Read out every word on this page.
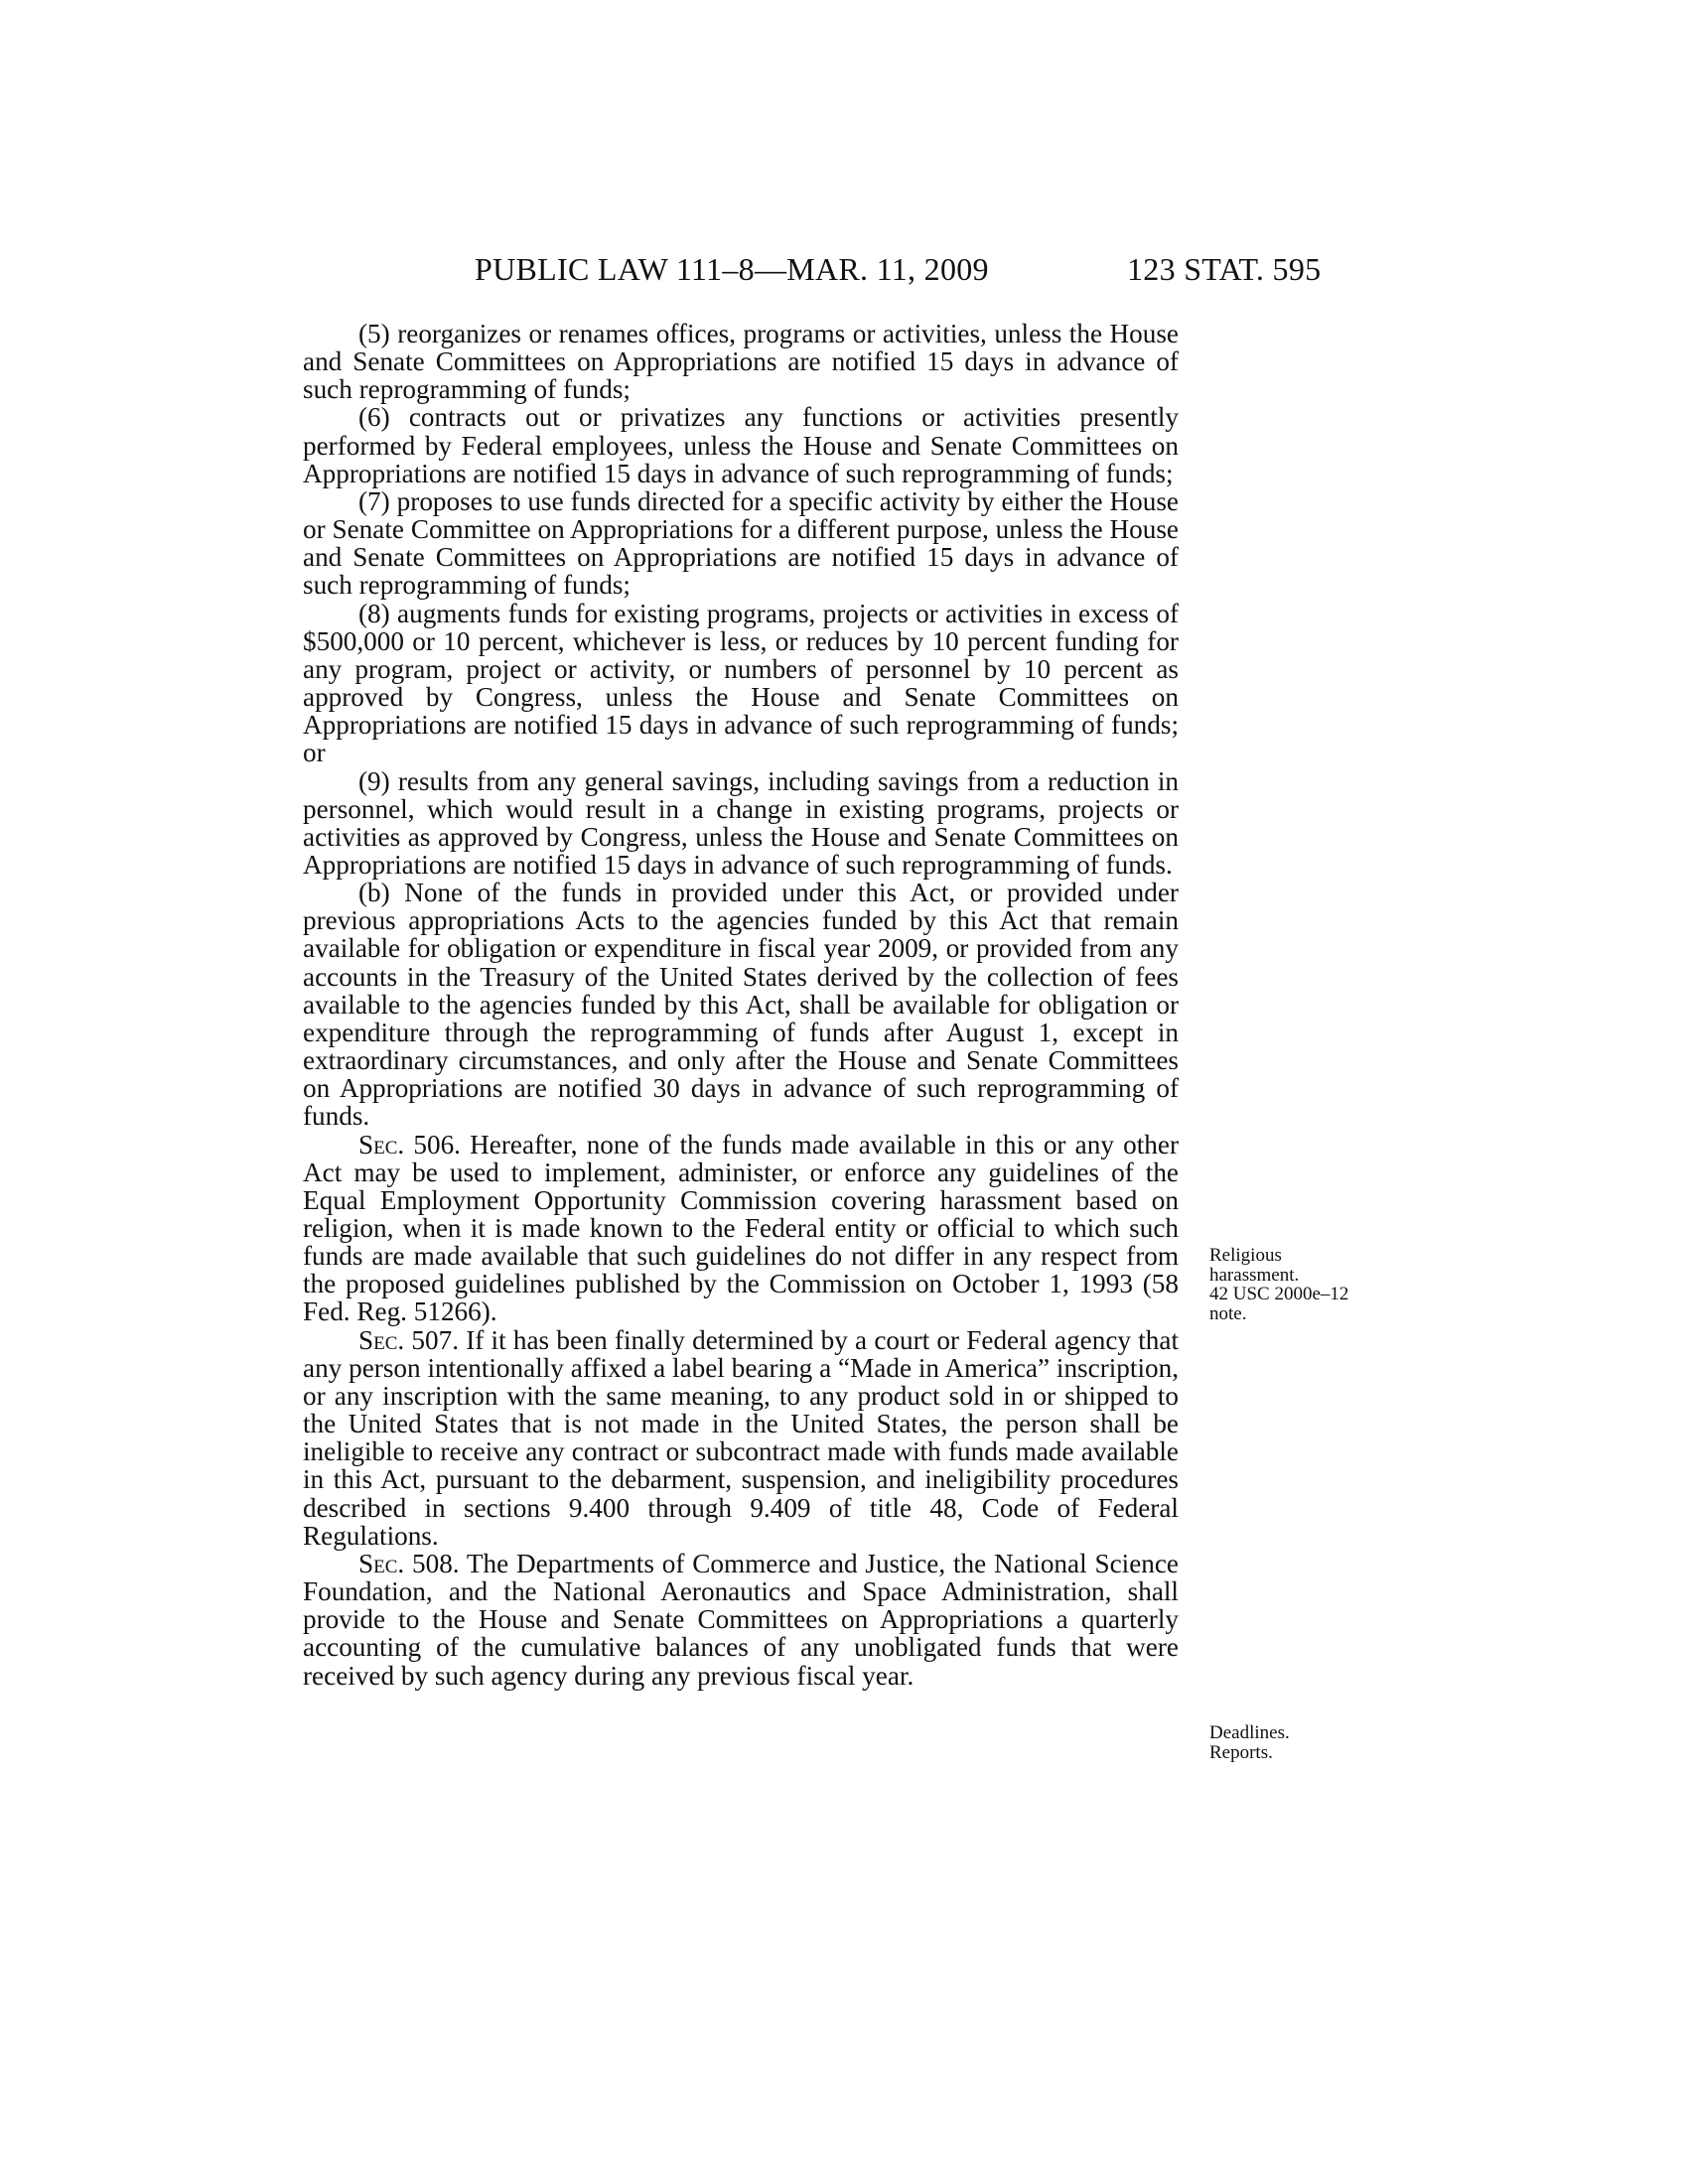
PUBLIC LAW 111–8—MAR. 11, 2009	123 STAT. 595

(5) reorganizes or renames offices, programs or activities, unless the House and Senate Committees on Appropriations are notified 15 days in advance of such reprogramming of funds;

(6) contracts out or privatizes any functions or activities presently performed by Federal employees, unless the House and Senate Committees on Appropriations are notified 15 days in advance of such reprogramming of funds;

(7) proposes to use funds directed for a specific activity by either the House or Senate Committee on Appropriations for a different purpose, unless the House and Senate Committees on Appropriations are notified 15 days in advance of such reprogramming of funds;

(8) augments funds for existing programs, projects or activities in excess of $500,000 or 10 percent, whichever is less, or reduces by 10 percent funding for any program, project or activity, or numbers of personnel by 10 percent as approved by Congress, unless the House and Senate Committees on Appropriations are notified 15 days in advance of such reprogramming of funds; or

(9) results from any general savings, including savings from a reduction in personnel, which would result in a change in existing programs, projects or activities as approved by Congress, unless the House and Senate Committees on Appropriations are notified 15 days in advance of such reprogramming of funds.

(b) None of the funds in provided under this Act, or provided under previous appropriations Acts to the agencies funded by this Act that remain available for obligation or expenditure in fiscal year 2009, or provided from any accounts in the Treasury of the United States derived by the collection of fees available to the agencies funded by this Act, shall be available for obligation or expenditure through the reprogramming of funds after August 1, except in extraordinary circumstances, and only after the House and Senate Committees on Appropriations are notified 30 days in advance of such reprogramming of funds.

Sec. 506. Hereafter, none of the funds made available in this or any other Act may be used to implement, administer, or enforce any guidelines of the Equal Employment Opportunity Commission covering harassment based on religion, when it is made known to the Federal entity or official to which such funds are made available that such guidelines do not differ in any respect from the proposed guidelines published by the Commission on October 1, 1993 (58 Fed. Reg. 51266).

Sec. 507. If it has been finally determined by a court or Federal agency that any person intentionally affixed a label bearing a “Made in America” inscription, or any inscription with the same meaning, to any product sold in or shipped to the United States that is not made in the United States, the person shall be ineligible to receive any contract or subcontract made with funds made available in this Act, pursuant to the debarment, suspension, and ineligibility procedures described in sections 9.400 through 9.409 of title 48, Code of Federal Regulations.

Sec. 508. The Departments of Commerce and Justice, the National Science Foundation, and the National Aeronautics and Space Administration, shall provide to the House and Senate Committees on Appropriations a quarterly accounting of the cumulative balances of any unobligated funds that were received by such agency during any previous fiscal year.

Religious
harassment.
42 USC 2000e–12
note.
Deadlines.
Reports.
